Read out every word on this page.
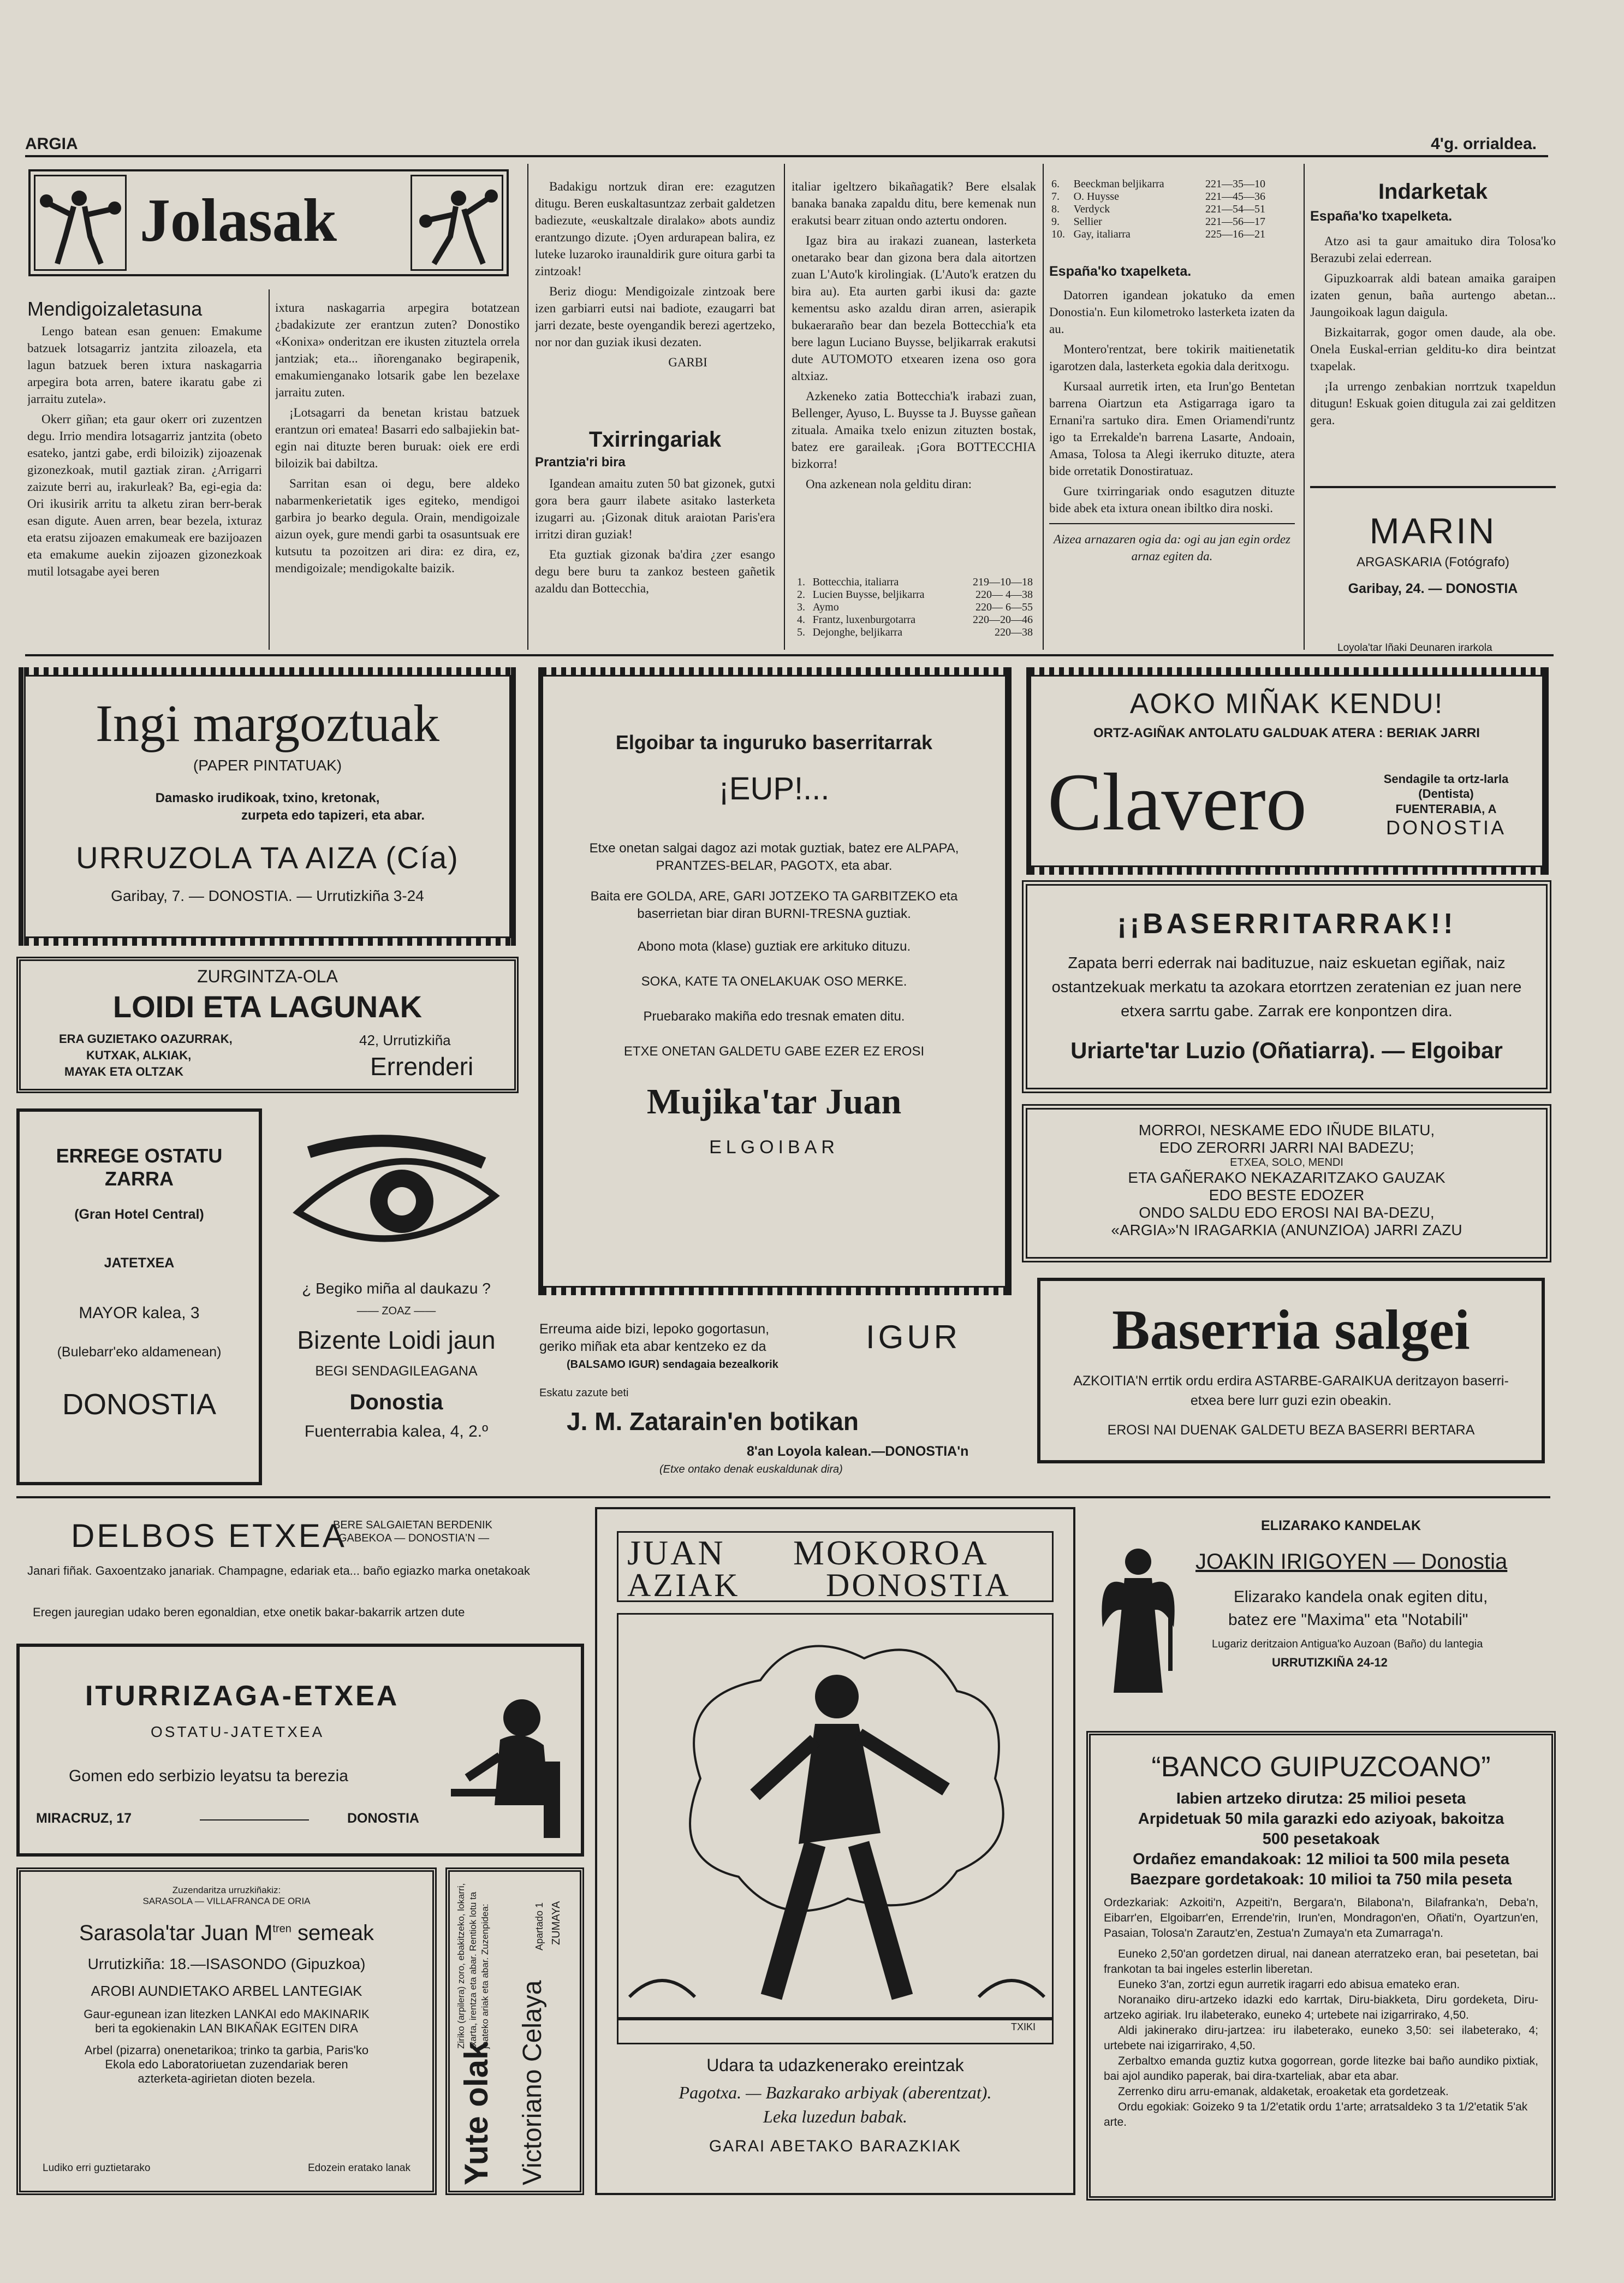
ARGIA	4'g. orrialdea.
Jolasak
Mendigoizaletasuna

Lengo batean esan genuen: Emakume batzuek lotsagarriz jantzita ziloazela, eta lagun batzuek beren ixtura naskagarria arpegira bota arren, batere ikaratu gabe zi jarraitu zutela».

Okerr giñan; eta gaur okerr ori zuzentzen degu. Irrio mendira lotsagarriz jantzita (obeto esateko, jantzi gabe, erdi biloizik) zijoazenak gizonezkoak, mutil gaztiak ziran. ¿Arrigarri zaizute berri au, irakurleak? Ba, egi-egia da: Ori ikusirik arritu ta alketu ziran berr-berak esan digute. Auen arren, bear bezela, ixturaz eta eratsu zijoazen emakumeak ere bazijoazen eta emakume auekin zijoazen gizonezkoak mutil lotsagabe ayei beren

ixtura naskagarria arpegira botatzean ¿badakizute zer erantzun zuten? Donostiko «Konixa» onderitzan ere ikusten zituztela orrela jantziak; eta... iñorenganako begirapenik, emakumienganako lotsarik gabe len bezelaxe jarraitu zuten.

¡Lotsagarri da benetan kristau batzuek erantzun ori ematea! Basarri edo salbajiekin bat-egin nai dituzte beren buruak: oiek ere erdi biloizik bai dabiltza.

Sarritan esan oi degu, bere aldeko nabarmenkerietatik iges egiteko, mendigoi garbira jo bearko degula. Orain, mendigoizale aizun oyek, gure mendi garbi ta osasuntsuak ere kutsutu ta pozoitzen ari dira: ez dira, ez, mendigoizale; mendigokalte baizik.

Badakigu nortzuk diran ere: ezagutzen ditugu. Beren euskaltasuntzaz zerbait galdetzen badiezute, «euskaltzale diralako» abots aundiz erantzungo dizute. ¡Oyen ardurapean balira, ez luteke luzaroko iraunaldirik gure oitura garbi ta zintzoak!

Beriz diogu: Mendigoizale zintzoak bere izen garbiarri eutsi nai badiote, ezaugarri bat jarri dezate, beste oyengandik berezi agertzeko, nor nor dan guziak ikusi dezaten.

GARBI
Txirringariak
Prantzia'ri bira

Igandean amaitu zuten 50 bat gizonek, gutxi gora bera gaurr ilabete asitako lasterketa izugarri au. ¡Gizonak dituk araiotan Paris'era irritzi diran guziak!

Eta guztiak gizonak ba'dira ¿zer esango degu bere buru ta zankoz besteen gañetik azaldu dan Bottecchia,

italiar igeltzero bikañagatik? Bere elsalak banaka banaka zapaldu ditu, bere kemenak nun erakutsi bearr zituan ondo aztertu ondoren.

Igaz bira au irakazi zuanean, lasterketa onetarako bear dan gizona bera dala aitortzen zuan L'Auto'k kirolingiak. (L'Auto'k eratzen du bira au). Eta aurten garbi ikusi da: gazte kementsu asko azaldu diran arren, asierapik bukaeraraño bear dan bezela Bottecchia'k eta bere lagun Luciano Buysse, beljikarrak erakutsi dute AUTOMOTO etxearen izena oso gora altxiaz.

Azkeneko zatia Bottecchia'k irabazi zuan, Bellenger, Ayuso, L. Buysse ta J. Buysse gañean zituala. Amaika txelo enizun zituzten bostak, batez ere garaileak. ¡Gora BOTTECCHIA bizkorra!

Ona azkenean nola gelditu diran:

1.	Bottecchia, italiarra	219—10—18
2.	Lucien Buysse, beljikarra	220— 4—38
3.	Aymo	220— 6—55
4.	Frantz, luxenburgotarra	220—20—46
5.	Dejonghe, beljikarra	220—38
6.	Beeckman beljikarra	221—35—10
7.	O. Huysse	221—45—36
8.	Verdyck	221—54—51
9.	Sellier	221—56—17
10.	Gay, italiarra	225—16—21
España'ko txapelketa.

Datorren igandean jokatuko da emen Donostia'n. Eun kilometroko lasterketa izaten da au.

Montero'rentzat, bere tokirik maitienetatik igarotzen dala, lasterketa egokia dala deritxogu.

Kursaal aurretik irten, eta Irun'go Bentetan barrena Oiartzun eta Astigarraga igaro ta Ernani'ra sartuko dira. Emen Oriamendi'runtz igo ta Errekalde'n barrena Lasarte, Andoain, Amasa, Tolosa ta Alegi ikerruko dituzte, atera bide orretatik Donostiratuaz.

Gure txirringariak ondo esagutzen dituzte bide abek eta ixtura onean ibiltko dira noski.

Aizea arnazaren ogia da: ogi au jan egin ordez arnaz egiten da.

Indarketak
España'ko txapelketa.

Atzo asi ta gaur amaituko dira Tolosa'ko Berazubi zelai ederrean.

Gipuzkoarrak aldi batean amaika garaipen izaten genun, baña aurtengo abetan... Jaungoikoak lagun daigula.

Bizkaitarrak, gogor omen daude, ala obe. Onela Euskal-errian gelditu-ko dira beintzat txapelak.

¡Ia urrengo zenbakian norrtzuk txapeldun ditugun! Eskuak goien ditugula zai zai gelditzen gera.

MARIN
ARGASKARIA (Fotógrafo)
Garibay, 24. — DONOSTIA
Loyola'tar Iñaki Deunaren irarkola
Ingi margoztuak
(PAPER PINTATUAK)
Damasko irudikoak, txino, kretonak,
zurpeta edo tapizeri, eta abar.
URRUZOLA TA AIZA (Cía)
Garibay, 7. — DONOSTIA. — Urrutizkiña 3-24
ZURGINTZA-OLA
LOIDI ETA LAGUNAK
ERA GUZIETAKO OAZURRAK,
KUTXAK, ALKIAK,
MAYAK ETA OLTZAK
42, Urrutizkiña
Errenderi
ERREGE OSTATU ZARRA
(Gran Hotel Central)
JATETXEA
MAYOR kalea, 3
(Bulebarr'eko aldamenean)
DONOSTIA
¿ Begiko miña al daukazu ?
—— ZOAZ ——
Bizente Loidi jaun
BEGI SENDAGILEAGANA
Donostia
Fuenterrabia kalea, 4, 2.º
Elgoibar ta inguruko baserritarrak
¡EUP!...
Etxe onetan salgai dagoz azi motak guztiak, batez ere ALPAPA, PRANTZES-BELAR, PAGOTX, eta abar.
Baita ere GOLDA, ARE, GARI JOTZEKO TA GARBITZEKO eta baserrietan biar diran BURNI-TRESNA guztiak.
Abono mota (klase) guztiak ere arkituko dituzu.
SOKA, KATE TA ONELAKUAK OSO MERKE.
Pruebarako makiña edo tresnak ematen ditu.
ETXE ONETAN GALDETU GABE EZER EZ EROSI
Mujika'tar Juan
ELGOIBAR
Erreuma aide bizi, lepoko gogortasun,
geriko miñak eta abar kentzeko ez da	IGUR
(BALSAMO IGUR) sendagaia bezealkorik
Eskatu zazute beti
J. M. Zatarain'en botikan
8'an Loyola kalean.—DONOSTIA'n
(Etxe ontako denak euskaldunak dira)
AOKO MIÑAK KENDU!
ORTZ-AGIÑAK ANTOLATU GALDUAK ATERA : BERIAK JARRI
Clavero	Sendagile ta ortz-larla
(Dentista)
FUENTERABIA, A
DONOSTIA
¡¡BASERRITARRAK!!
Zapata berri ederrak nai badituzue, naiz eskuetan egiñak, naiz ostantzekuak merkatu ta azokara etorrtzen zeratenian ez juan nere etxera sarrtu gabe. Zarrak ere konpontzen dira.
Uriarte'tar Luzio (Oñatiarra). — Elgoibar
MORROI, NESKAME EDO IÑUDE BILATU,
EDO ZERORRI JARRI NAI BADEZU;
ETXEA, SOLO, MENDI
ETA GAÑERAKO NEKAZARITZAKO GAUZAK
EDO BESTE EDOZER
ONDO SALDU EDO EROSI NAI BA-DEZU,
«ARGIA»'N IRAGARKIA (ANUNZIOA) JARRI ZAZU
Baserria salgei
AZKOITIA'N errtik ordu erdira ASTARBE-GARAIKUA deritzayon baserri-etxea bere lurr guzi ezin obeakin.
EROSI NAI DUENAK GALDETU BEZA BASERRI BERTARA
DELBOS ETXEA
BERE SALGAIETAN BERDENIK
GABEKOA — DONOSTIA'N —
Janari fiñak. Gaxoentzako janariak. Champagne, edariak eta... baño egiazko marka onetakoak
Eregen jauregian udako beren egonaldian, etxe onetik bakar-bakarrik artzen dute
ITURRIZAGA-ETXEA
OSTATU-JATETXEA
Gomen edo serbizio leyatsu ta berezia
MIRACRUZ, 17	DONOSTIA
Zuzendaritza urruzkiñakiz:
SARASOLA — VILLAFRANCA DE ORIA
Sarasola'tar Juan $M^{tren}$ semeak
Urrutizkiña: 18.—ISASONDO (Gipuzkoa)
AROBI AUNDIETAKO ARBEL LANTEGIAK
Gaur-egunean izan litezken LANKAI edo MAKINARIK
beri ta egokienakin LAN BIKAÑAK EGITEN DIRA
Arbel (pizarra) onenetarikoa; trinko ta garbia, Paris'ko
Ekola edo Laboratoriuetan zuzendariak beren
azterketa-agirietan dioten bezela.
Ludiko erri guztietarako	Edozein eratako lanak Yute olak
Ziriko (arpilera) zoro, ebakitzeko, lokarri, txarta, irentza eta abar. Rentiok lotu ta joateko ariak eta abar. Zuzenpidea:
Victoriano Celaya
Apartado 1 ZUMAYA
JUAN MOKOROA
AZIAK	DONOSTIA
TXIKI
Udara ta udazkenerako ereintzak
Pagotxa. — Bazkarako arbiyak (aberentzat).
Leka luzedun babak.
GARAI ABETAKO BARAZKIAK
ELIZARAKO KANDELAK
JOAKIN IRIGOYEN — Donostia
Elizarako kandela onak egiten ditu,
batez ere "Maxima" eta "Notabili"
Lugariz deritzaion Antigua'ko Auzoan (Baño) du lantegia
URRUTIZKIÑA 24-12
“BANCO GUIPUZCOANO”
Iabien artzeko dirutza: 25 milioi peseta
Arpidetuak 50 mila garazki edo aziyoak, bakoitza
500 pesetakoak
Ordañez emandakoak: 12 milioi ta 500 mila peseta
Baezpare gordetakoak: 10 milioi ta 750 mila peseta
Ordezkariak: Azkoiti'n, Azpeiti'n, Bergara'n, Bilabona'n, Bilafranka'n, Deba'n, Eibarr'en, Elgoibarr'en, Errende'rin, Irun'en, Mondragon'en, Oñati'n, Oyartzun'en, Pasaian, Tolosa'n Zarautz'en, Zestua'n Zumaya'n eta Zumarraga'n.
Euneko 2,50'an gordetzen dirual, nai danean aterratzeko eran, bai pesetetan, bai frankotan ta bai ingeles esterlin liberetan.
Euneko 3'an, zortzi egun aurretik iragarri edo abisua emateko eran.
Noranaiko diru-artzeko idazki edo karrtak, Diru-biakketa, Diru gordeketa, Diru-artzeko agiriak. Iru ilabeterako, euneko 4; urtebete nai izigarrirako, 4,50.
Aldi jakinerako diru-jartzea: iru ilabeterako, euneko 3,50: sei ilabeterako, 4; urtebete nai izigarrirako, 4,50.
Zerbaltxo emanda guztiz kutxa gogorrean, gorde litezke bai baño aundiko pixtiak, bai ajol aundiko paperak, bai dira-txarteliak, abar eta abar.
Zerrenko diru arru-emanak, aldaketak, eroaketak eta gordetzeak.
Ordu egokiak: Goizeko 9 ta 1/2'etatik ordu 1'arte; arratsaldeko 3 ta 1/2'etatik 5'ak arte.
